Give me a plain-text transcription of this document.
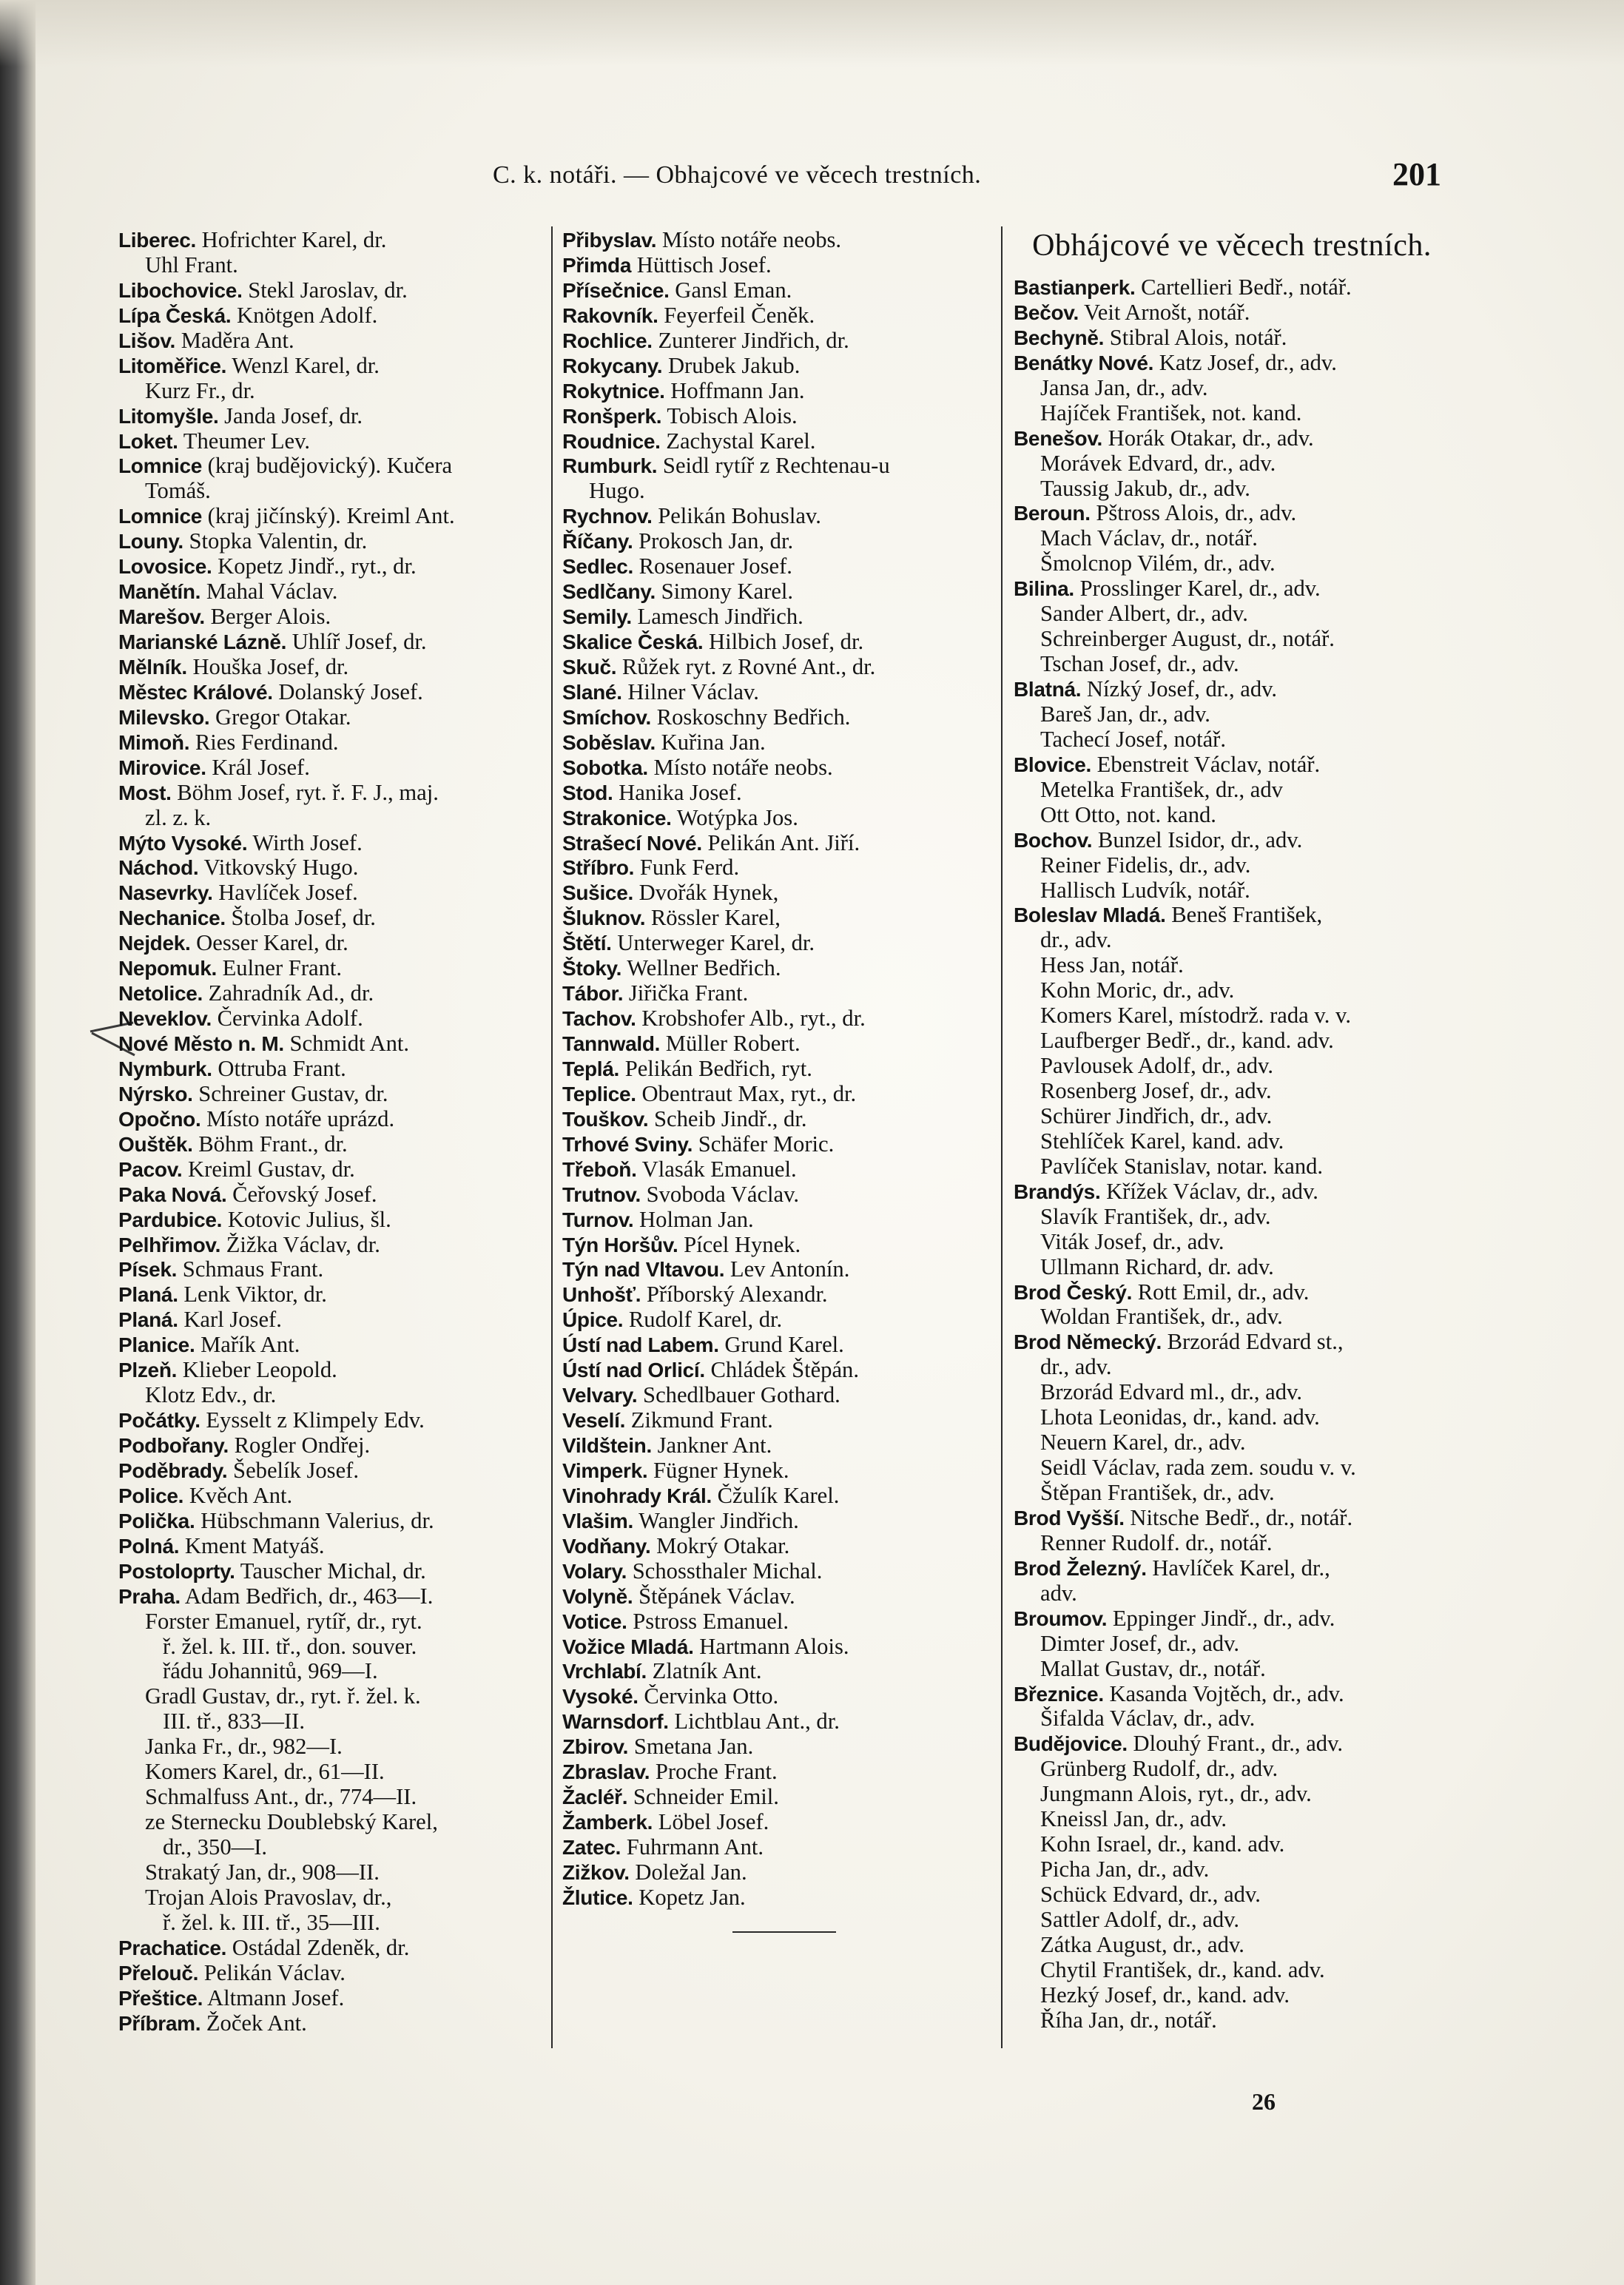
C. k. notáři. — Obhajcové ve věcech trestních.	201
Liberec. Hofrichter Karel, dr.
Uhl Frant.
Libochovice. Stekl Jaroslav, dr.
Lípa Česká. Knötgen Adolf.
Lišov. Maděra Ant.
Litoměřice. Wenzl Karel, dr.
Kurz Fr., dr.
Litomyšle. Janda Josef, dr.
Loket. Theumer Lev.
Lomnice (kraj budějovický). Kučera
Tomáš.
Lomnice (kraj jičínský). Kreiml Ant.
Louny. Stopka Valentin, dr.
Lovosice. Kopetz Jindř., ryt., dr.
Manětín. Mahal Václav.
Marešov. Berger Alois.
Marianské Lázně. Uhlíř Josef, dr.
Mělník. Houška Josef, dr.
Městec Králové. Dolanský Josef.
Milevsko. Gregor Otakar.
Mimoň. Ries Ferdinand.
Mirovice. Král Josef.
Most. Böhm Josef, ryt. ř. F. J., maj.
zl. z. k.
Mýto Vysoké. Wirth Josef.
Náchod. Vitkovský Hugo.
Nasevrky. Havlíček Josef.
Nechanice. Štolba Josef, dr.
Nejdek. Oesser Karel, dr.
Nepomuk. Eulner Frant.
Netolice. Zahradník Ad., dr.
Neveklov. Červinka Adolf.
Nové Město n. M. Schmidt Ant.
Nymburk. Ottruba Frant.
Nýrsko. Schreiner Gustav, dr.
Opočno. Místo notáře uprázd.
Ouštěk. Böhm Frant., dr.
Pacov. Kreiml Gustav, dr.
Paka Nová. Čeřovský Josef.
Pardubice. Kotovic Julius, šl.
Pelhřimov. Žižka Václav, dr.
Písek. Schmaus Frant.
Planá. Lenk Viktor, dr.
Planá. Karl Josef.
Planice. Mařík Ant.
Plzeň. Klieber Leopold.
Klotz Edv., dr.
Počátky. Eysselt z Klimpely Edv.
Podbořany. Rogler Ondřej.
Poděbrady. Šebelík Josef.
Police. Kvěch Ant.
Polička. Hübschmann Valerius, dr.
Polná. Kment Matyáš.
Postoloprty. Tauscher Michal, dr.
Praha. Adam Bedřich, dr., 463—I.
Forster Emanuel, rytíř, dr., ryt.
ř. žel. k. III. tř., don. souver.
řádu Johannitů, 969—I.
Gradl Gustav, dr., ryt. ř. žel. k.
III. tř., 833—II.
Janka Fr., dr., 982—I.
Komers Karel, dr., 61—II.
Schmalfuss Ant., dr., 774—II.
ze Sternecku Doublebský Karel,
dr., 350—I.
Strakatý Jan, dr., 908—II.
Trojan Alois Pravoslav, dr.,
ř. žel. k. III. tř., 35—III.
Prachatice. Ostádal Zdeněk, dr.
Přelouč. Pelikán Václav.
Přeštice. Altmann Josef.
Příbram. Žoček Ant.
Přibyslav. Místo notáře neobs.
Přimda Hüttisch Josef.
Přísečnice. Gansl Eman.
Rakovník. Feyerfeil Čeněk.
Rochlice. Zunterer Jindřich, dr.
Rokycany. Drubek Jakub.
Rokytnice. Hoffmann Jan.
Ronšperk. Tobisch Alois.
Roudnice. Zachystal Karel.
Rumburk. Seidl rytíř z Rechtenau-u
Hugo.
Rychnov. Pelikán Bohuslav.
Říčany. Prokosch Jan, dr.
Sedlec. Rosenauer Josef.
Sedlčany. Simony Karel.
Semily. Lamesch Jindřich.
Skalice Česká. Hilbich Josef, dr.
Skuč. Růžek ryt. z Rovné Ant., dr.
Slané. Hilner Václav.
Smíchov. Roskoschny Bedřich.
Soběslav. Kuřina Jan.
Sobotka. Místo notáře neobs.
Stod. Hanika Josef.
Strakonice. Wotýpka Jos.
Strašecí Nové. Pelikán Ant. Jiří.
Stříbro. Funk Ferd.
Sušice. Dvořák Hynek,
Šluknov. Rössler Karel,
Štětí. Unterweger Karel, dr.
Štoky. Wellner Bedřich.
Tábor. Jiřička Frant.
Tachov. Krobshofer Alb., ryt., dr.
Tannwald. Müller Robert.
Teplá. Pelikán Bedřich, ryt.
Teplice. Obentraut Max, ryt., dr.
Touškov. Scheib Jindř., dr.
Trhové Sviny. Schäfer Moric.
Třeboň. Vlasák Emanuel.
Trutnov. Svoboda Václav.
Turnov. Holman Jan.
Týn Horšův. Pícel Hynek.
Týn nad Vltavou. Lev Antonín.
Unhošť. Příborský Alexandr.
Úpice. Rudolf Karel, dr.
Ústí nad Labem. Grund Karel.
Ústí nad Orlicí. Chládek Štěpán.
Velvary. Schedlbauer Gothard.
Veselí. Zikmund Frant.
Vildštein. Jankner Ant.
Vimperk. Fügner Hynek.
Vinohrady Král. Čžulík Karel.
Vlašim. Wangler Jindřich.
Vodňany. Mokrý Otakar.
Volary. Schossthaler Michal.
Volyně. Štěpánek Václav.
Votice. Pstross Emanuel.
Vožice Mladá. Hartmann Alois.
Vrchlabí. Zlatník Ant.
Vysoké. Červinka Otto.
Warnsdorf. Lichtblau Ant., dr.
Zbirov. Smetana Jan.
Zbraslav. Proche Frant.
Žacléř. Schneider Emil.
Žamberk. Löbel Josef.
Zatec. Fuhrmann Ant.
Zižkov. Doležal Jan.
Žlutice. Kopetz Jan.
Obhájcové ve věcech trestních.
Bastianperk. Cartellieri Bedř., notář.
Bečov. Veit Arnošt, notář.
Bechyně. Stibral Alois, notář.
Benátky Nové. Katz Josef, dr., adv.
Jansa Jan, dr., adv.
Hajíček František, not. kand.
Benešov. Horák Otakar, dr., adv.
Morávek Edvard, dr., adv.
Taussig Jakub, dr., adv.
Beroun. Pštross Alois, dr., adv.
Mach Václav, dr., notář.
Šmolcnop Vilém, dr., adv.
Bilina. Prosslinger Karel, dr., adv.
Sander Albert, dr., adv.
Schreinberger August, dr., notář.
Tschan Josef, dr., adv.
Blatná. Nízký Josef, dr., adv.
Bareš Jan, dr., adv.
Tachecí Josef, notář.
Blovice. Ebenstreit Václav, notář.
Metelka František, dr., adv
Ott Otto, not. kand.
Bochov. Bunzel Isidor, dr., adv.
Reiner Fidelis, dr., adv.
Hallisch Ludvík, notář.
Boleslav Mladá. Beneš František,
dr., adv.
Hess Jan, notář.
Kohn Moric, dr., adv.
Komers Karel, místodrž. rada v. v.
Laufberger Bedř., dr., kand. adv.
Pavlousek Adolf, dr., adv.
Rosenberg Josef, dr., adv.
Schürer Jindřich, dr., adv.
Stehlíček Karel, kand. adv.
Pavlíček Stanislav, notar. kand.
Brandýs. Křížek Václav, dr., adv.
Slavík František, dr., adv.
Viták Josef, dr., adv.
Ullmann Richard, dr. adv.
Brod Český. Rott Emil, dr., adv.
Woldan František, dr., adv.
Brod Německý. Brzorád Edvard st.,
dr., adv.
Brzorád Edvard ml., dr., adv.
Lhota Leonidas, dr., kand. adv.
Neuern Karel, dr., adv.
Seidl Václav, rada zem. soudu v. v.
Štěpan František, dr., adv.
Brod Vyšší. Nitsche Bedř., dr., notář.
Renner Rudolf. dr., notář.
Brod Železný. Havlíček Karel, dr.,
adv.
Broumov. Eppinger Jindř., dr., adv.
Dimter Josef, dr., adv.
Mallat Gustav, dr., notář.
Březnice. Kasanda Vojtěch, dr., adv.
Šifalda Václav, dr., adv.
Budějovice. Dlouhý Frant., dr., adv.
Grünberg Rudolf, dr., adv.
Jungmann Alois, ryt., dr., adv.
Kneissl Jan, dr., adv.
Kohn Israel, dr., kand. adv.
Picha Jan, dr., adv.
Schück Edvard, dr., adv.
Sattler Adolf, dr., adv.
Zátka August, dr., adv.
Chytil František, dr., kand. adv.
Hezký Josef, dr., kand. adv.
Říha Jan, dr., notář.
26
